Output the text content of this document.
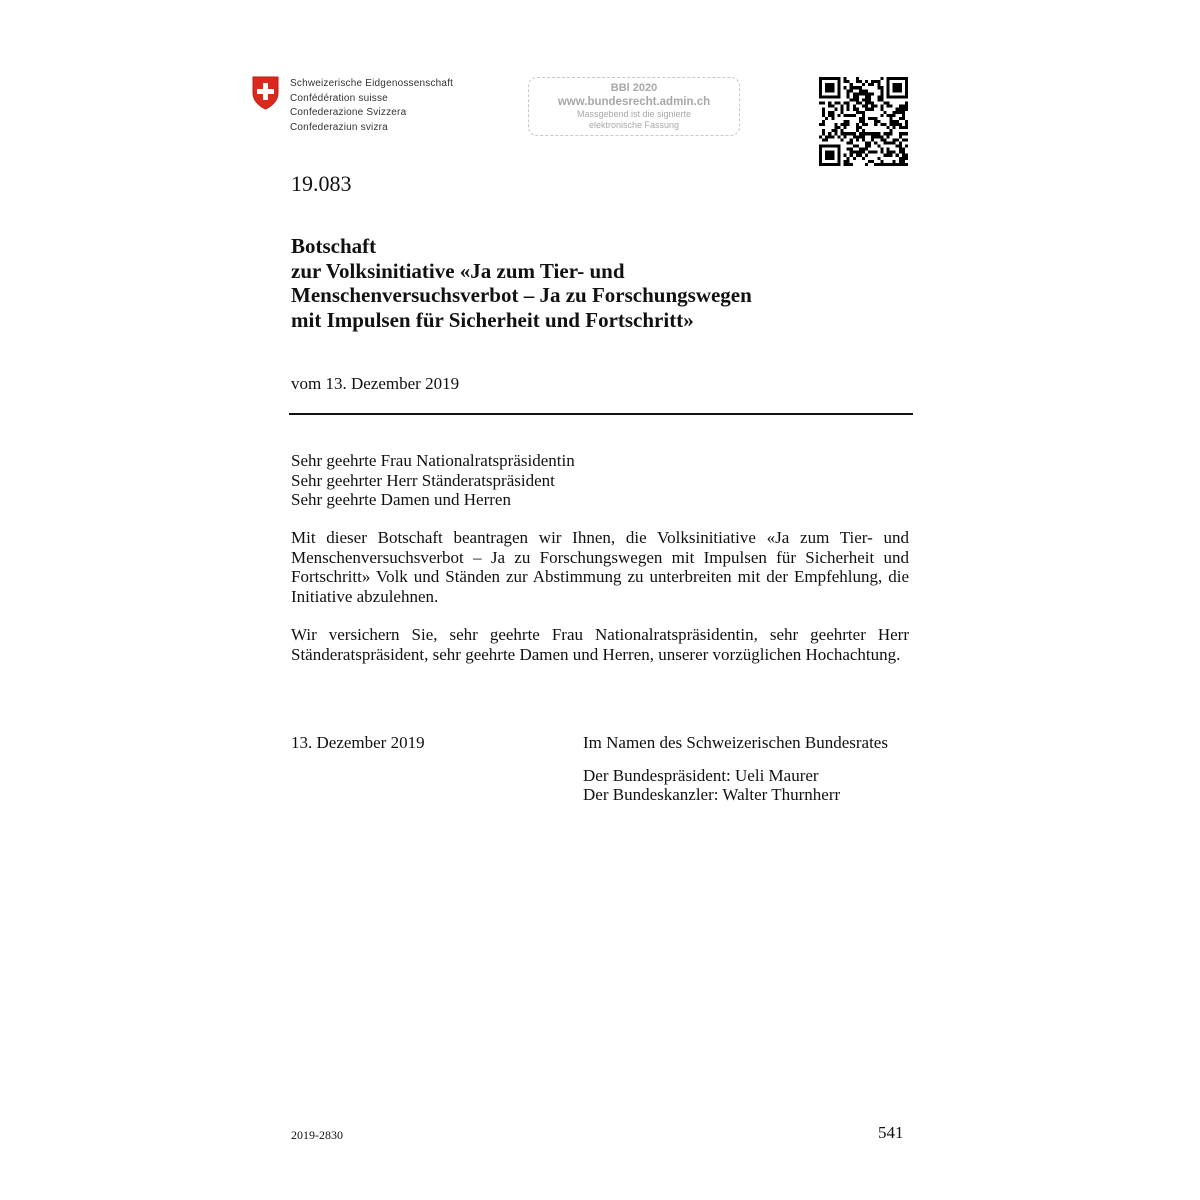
Schweizerische Eidgenossenschaft
Confédération suisse
Confederazione Svizzera
Confederaziun svizra
BBl 2020
www.bundesrecht.admin.ch
Massgebend ist die signierte
elektronische Fassung
19.083
Botschaft
zur Volksinitiative «Ja zum Tier- und
Menschenversuchsverbot – Ja zu Forschungswegen
mit Impulsen für Sicherheit und Fortschritt»
vom 13. Dezember 2019
Sehr geehrte Frau Nationalratspräsidentin
Sehr geehrter Herr Ständeratspräsident
Sehr geehrte Damen und Herren
Mit dieser Botschaft beantragen wir Ihnen, die Volksinitiative «Ja zum Tier- und Menschenversuchsverbot – Ja zu Forschungswegen mit Impulsen für Sicherheit und Fortschritt» Volk und Ständen zur Abstimmung zu unterbreiten mit der Empfehlung, die Initiative abzulehnen.
Wir versichern Sie, sehr geehrte Frau Nationalratspräsidentin, sehr geehrter Herr Ständeratspräsident, sehr geehrte Damen und Herren, unserer vorzüglichen Hochachtung.
13. Dezember 2019	Im Namen des Schweizerischen Bundesrates
Der Bundespräsident: Ueli Maurer
Der Bundeskanzler: Walter Thurnherr
2019-2830	541
